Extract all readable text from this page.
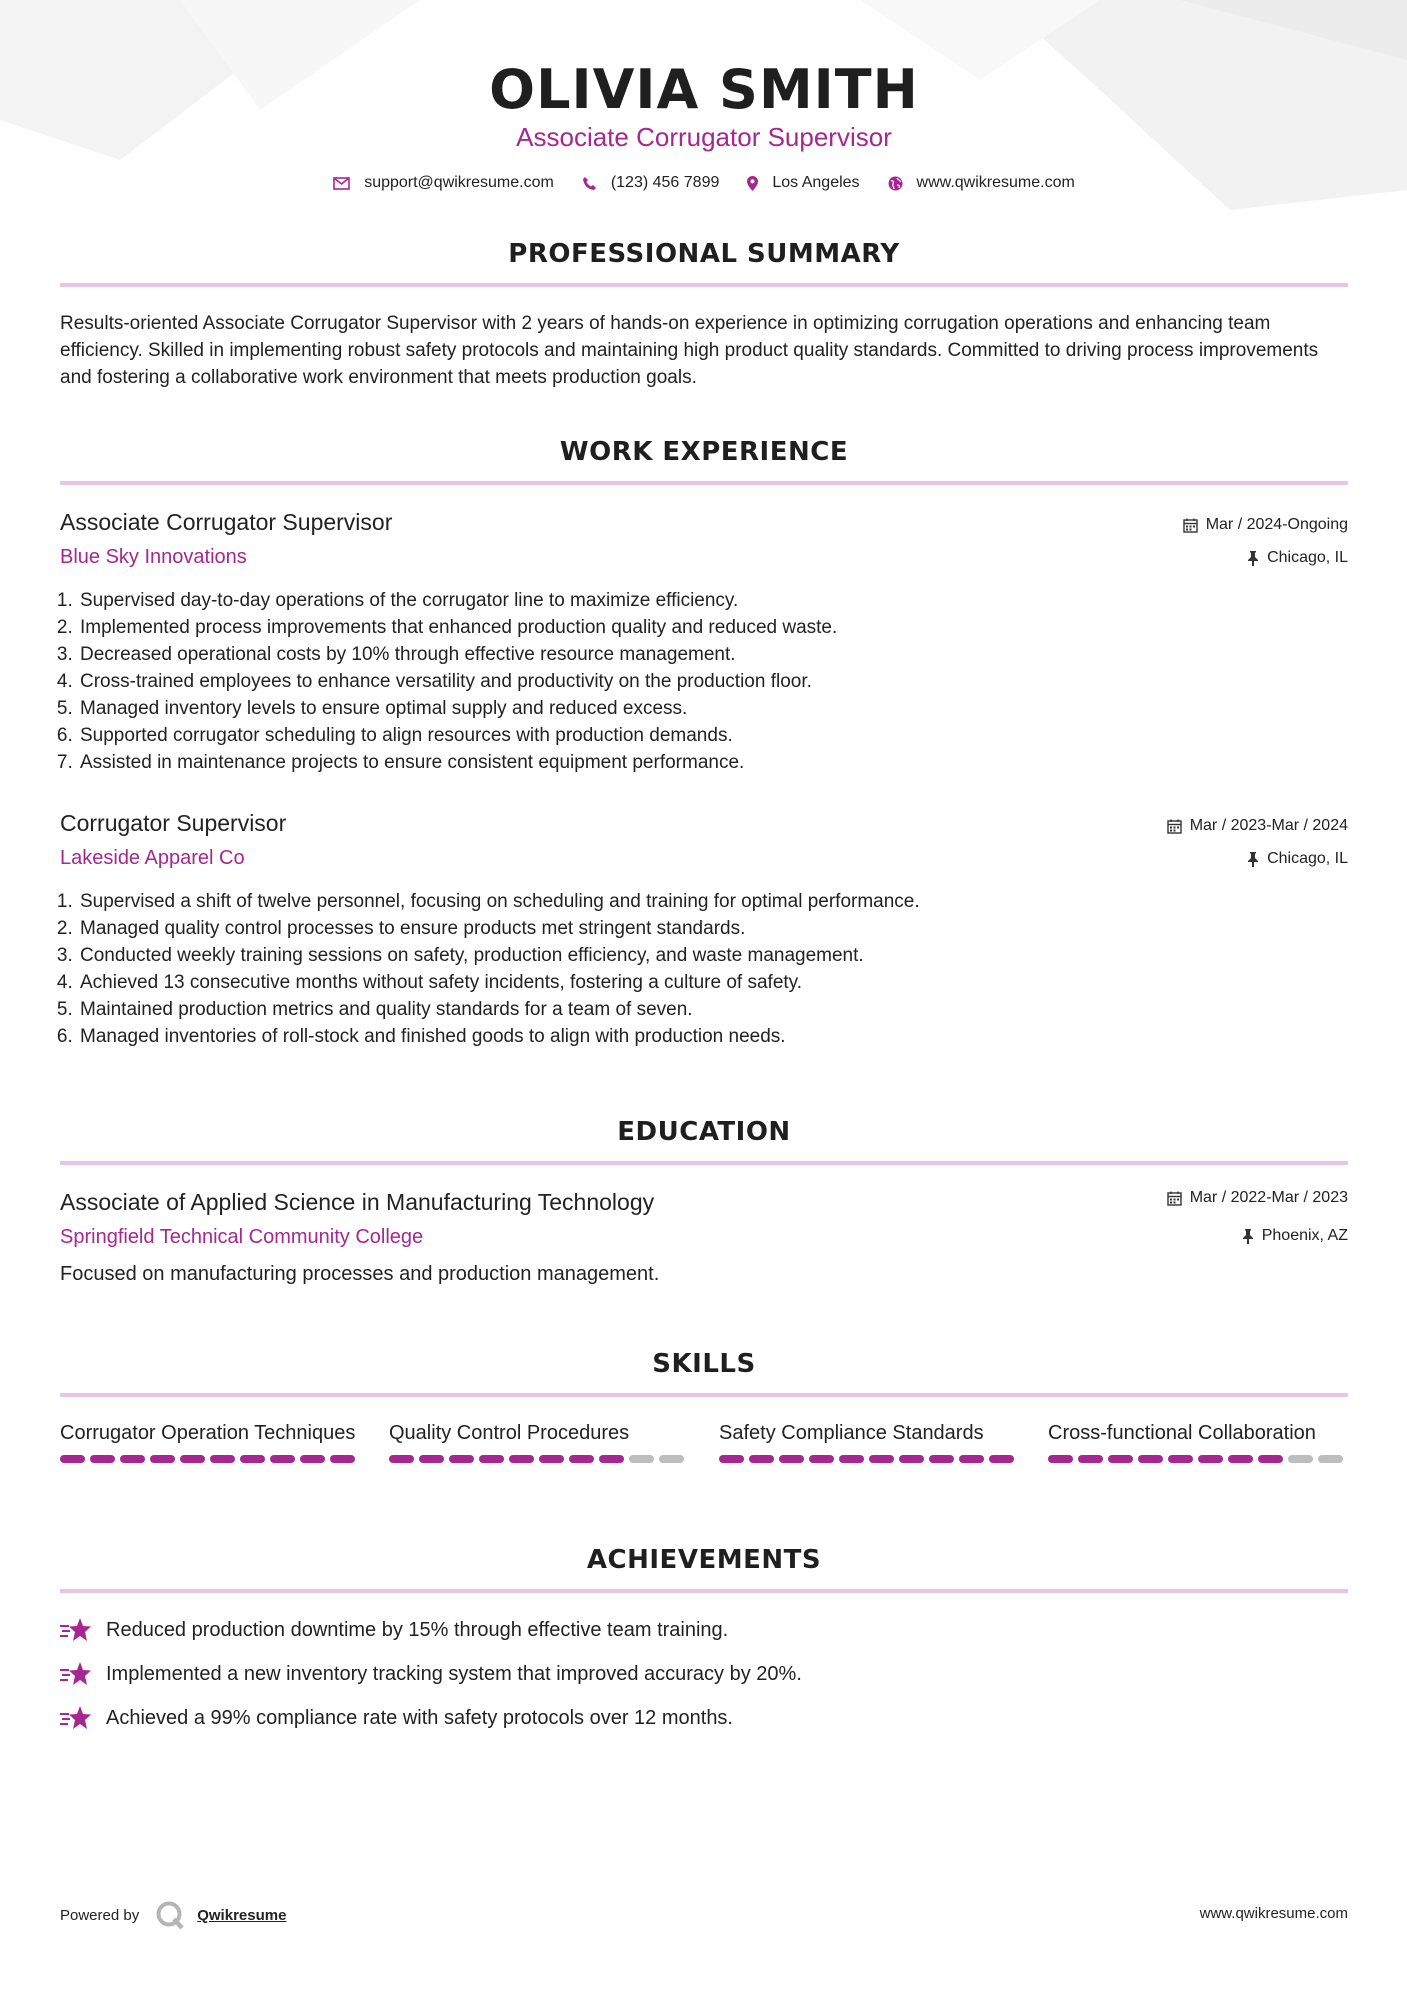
OLIVIA SMITH
Associate Corrugator Supervisor
support@qwikresume.com	(123) 456 7899	Los Angeles	www.qwikresume.com
PROFESSIONAL SUMMARY
Results-oriented Associate Corrugator Supervisor with 2 years of hands-on experience in optimizing corrugation operations and enhancing team efficiency. Skilled in implementing robust safety protocols and maintaining high product quality standards. Committed to driving process improvements and fostering a collaborative work environment that meets production goals.
WORK EXPERIENCE
Associate Corrugator Supervisor
Blue Sky Innovations
Mar / 2024-Ongoing
Chicago, IL
1. Supervised day-to-day operations of the corrugator line to maximize efficiency.
2. Implemented process improvements that enhanced production quality and reduced waste.
3. Decreased operational costs by 10% through effective resource management.
4. Cross-trained employees to enhance versatility and productivity on the production floor.
5. Managed inventory levels to ensure optimal supply and reduced excess.
6. Supported corrugator scheduling to align resources with production demands.
7. Assisted in maintenance projects to ensure consistent equipment performance.
Corrugator Supervisor
Lakeside Apparel Co
Mar / 2023-Mar / 2024
Chicago, IL
1. Supervised a shift of twelve personnel, focusing on scheduling and training for optimal performance.
2. Managed quality control processes to ensure products met stringent standards.
3. Conducted weekly training sessions on safety, production efficiency, and waste management.
4. Achieved 13 consecutive months without safety incidents, fostering a culture of safety.
5. Maintained production metrics and quality standards for a team of seven.
6. Managed inventories of roll-stock and finished goods to align with production needs.
EDUCATION
Associate of Applied Science in Manufacturing Technology
Springfield Technical Community College
Mar / 2022-Mar / 2023
Phoenix, AZ
Focused on manufacturing processes and production management.
SKILLS
Corrugator Operation Techniques Quality Control Procedures	Safety Compliance Standards	Cross-functional Collaboration
ACHIEVEMENTS
Reduced production downtime by 15% through effective team training.
Implemented a new inventory tracking system that improved accuracy by 20%.
Achieved a 99% compliance rate with safety protocols over 12 months.
Powered by	Qwikresume	www.qwikresume.com
